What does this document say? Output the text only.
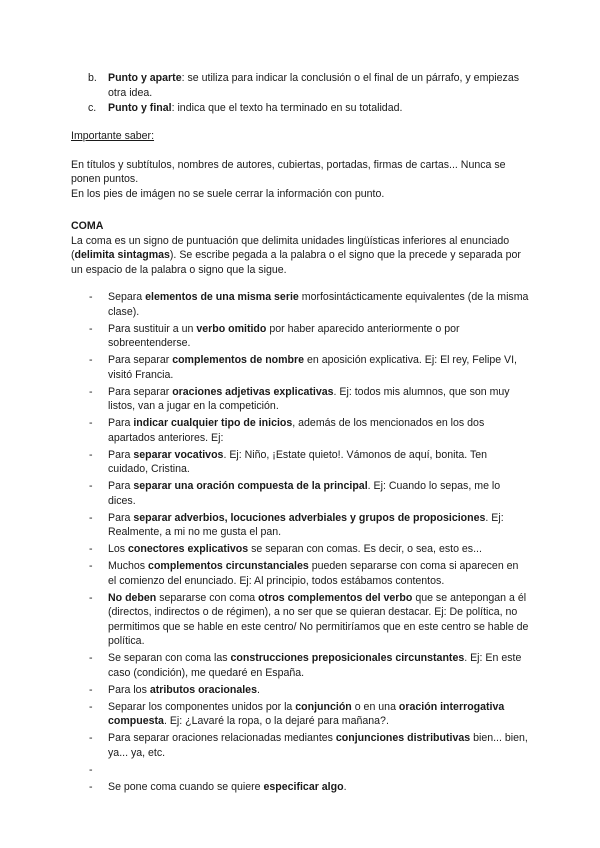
b. Punto y aparte: se utiliza para indicar la conclusión o el final de un párrafo, y empiezas otra idea.
c. Punto y final: indica que el texto ha terminado en su totalidad.
Importante saber:
En títulos y subtítulos, nombres de autores, cubiertas, portadas, firmas de cartas... Nunca se ponen puntos.
En los pies de imágen no se suele cerrar la información con punto.
COMA
La coma es un signo de puntuación que delimita unidades lingüísticas inferiores al enunciado (delimita sintagmas). Se escribe pegada a la palabra o el signo que la precede y separada por un espacio de la palabra o signo que la sigue.
- Separa elementos de una misma serie morfosintácticamente equivalentes (de la misma clase).
- Para sustituir a un verbo omitido por haber aparecido anteriormente o por sobreentenderse.
- Para separar complementos de nombre en aposición explicativa. Ej: El rey, Felipe VI, visitó Francia.
- Para separar oraciones adjetivas explicativas. Ej: todos mis alumnos, que son muy listos, van a jugar en la competición.
- Para indicar cualquier tipo de inicios, además de los mencionados en los dos apartados anteriores. Ej:
- Para separar vocativos. Ej: Niño, ¡Estate quieto!. Vámonos de aquí, bonita. Ten cuidado, Cristina.
- Para separar una oración compuesta de la principal. Ej: Cuando lo sepas, me lo dices.
- Para separar adverbios, locuciones adverbiales y grupos de proposiciones. Ej: Realmente, a mi no me gusta el pan.
- Los conectores explicativos se separan con comas. Es decir, o sea, esto es...
- Muchos complementos circunstanciales pueden separarse con coma si aparecen en el comienzo del enunciado. Ej: Al principio, todos estábamos contentos.
- No deben separarse con coma otros complementos del verbo que se antepongan a él (directos, indirectos o de régimen), a no ser que se quieran destacar. Ej: De política, no permitimos que se hable en este centro/ No permitiríamos que en este centro se hable de política.
- Se separan con coma las construcciones preposicionales circunstantes. Ej: En este caso (condición), me quedaré en España.
- Para los atributos oracionales.
- Separar los componentes unidos por la conjunción o en una oración interrogativa compuesta. Ej: ¿Lavaré la ropa, o la dejaré para mañana?.
- Para separar oraciones relacionadas mediantes conjunciones distributivas bien... bien, ya... ya, etc.
-
- Se pone coma cuando se quiere especificar algo.
